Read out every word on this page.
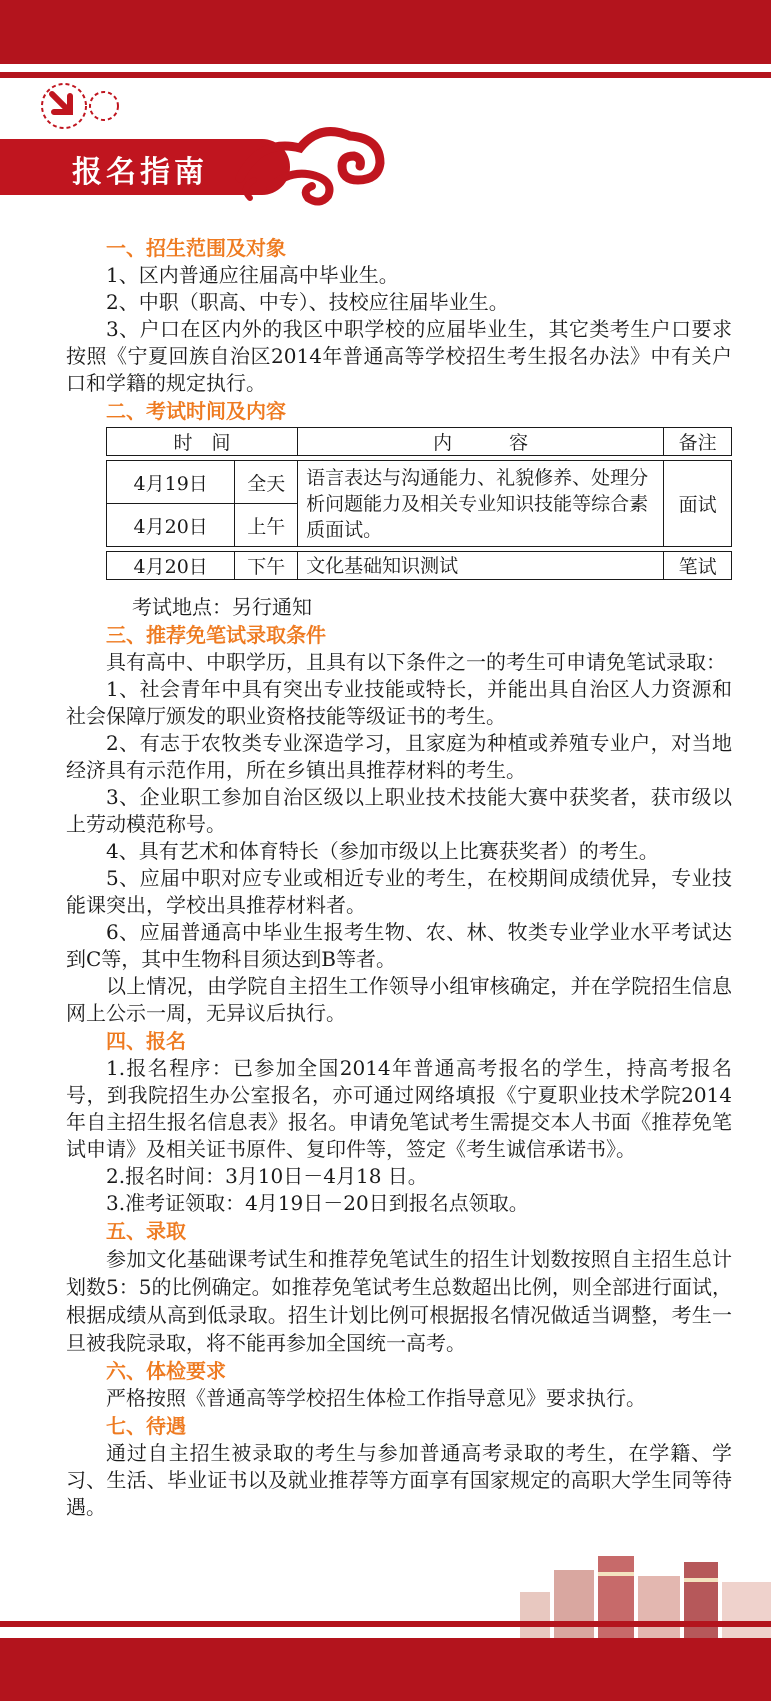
报名指南
一、招生范围及对象
1、区内普通应往届高中毕业生。
2、中职（职高、中专）、技校应往届毕业生。
3、户口在区内外的我区中职学校的应届毕业生，其它类考生户口要求按照《宁夏回族自治区2014年普通高等学校招生考生报名办法》中有关户口和学籍的规定执行。
二、考试时间及内容
时　间		内　　　容	备注

4月19日	全天	语言表达与沟通能力、礼貌修养、处理分析问题能力及相关专业知识技能等综合素质面试。	面试
4月20日	上午		

4月20日	下午	文化基础知识测试	笔试
考试地点：另行通知
三、推荐免笔试录取条件
具有高中、中职学历，且具有以下条件之一的考生可申请免笔试录取：
1、社会青年中具有突出专业技能或特长，并能出具自治区人力资源和社会保障厅颁发的职业资格技能等级证书的考生。
2、有志于农牧类专业深造学习，且家庭为种植或养殖专业户，对当地经济具有示范作用，所在乡镇出具推荐材料的考生。
3、企业职工参加自治区级以上职业技术技能大赛中获奖者，获市级以上劳动模范称号。
4、具有艺术和体育特长（参加市级以上比赛获奖者）的考生。
5、应届中职对应专业或相近专业的考生，在校期间成绩优异，专业技能课突出，学校出具推荐材料者。
6、应届普通高中毕业生报考生物、农、林、牧类专业学业水平考试达到C等，其中生物科目须达到B等者。
以上情况，由学院自主招生工作领导小组审核确定，并在学院招生信息网上公示一周，无异议后执行。
四、报名
1.报名程序：已参加全国2014年普通高考报名的学生，持高考报名号，到我院招生办公室报名，亦可通过网络填报《宁夏职业技术学院2014年自主招生报名信息表》报名。申请免笔试考生需提交本人书面《推荐免笔试申请》及相关证书原件、复印件等，签定《考生诚信承诺书》。
2.报名时间：3月10日－4月18 日。
3.准考证领取：4月19日－20日到报名点领取。
五、录取
参加文化基础课考试生和推荐免笔试生的招生计划数按照自主招生总计划数5：5的比例确定。如推荐免笔试考生总数超出比例，则全部进行面试，根据成绩从高到低录取。招生计划比例可根据报名情况做适当调整，考生一旦被我院录取，将不能再参加全国统一高考。
六、体检要求
严格按照《普通高等学校招生体检工作指导意见》要求执行。
七、待遇
通过自主招生被录取的考生与参加普通高考录取的考生，在学籍、学习、生活、毕业证书以及就业推荐等方面享有国家规定的高职大学生同等待遇。
